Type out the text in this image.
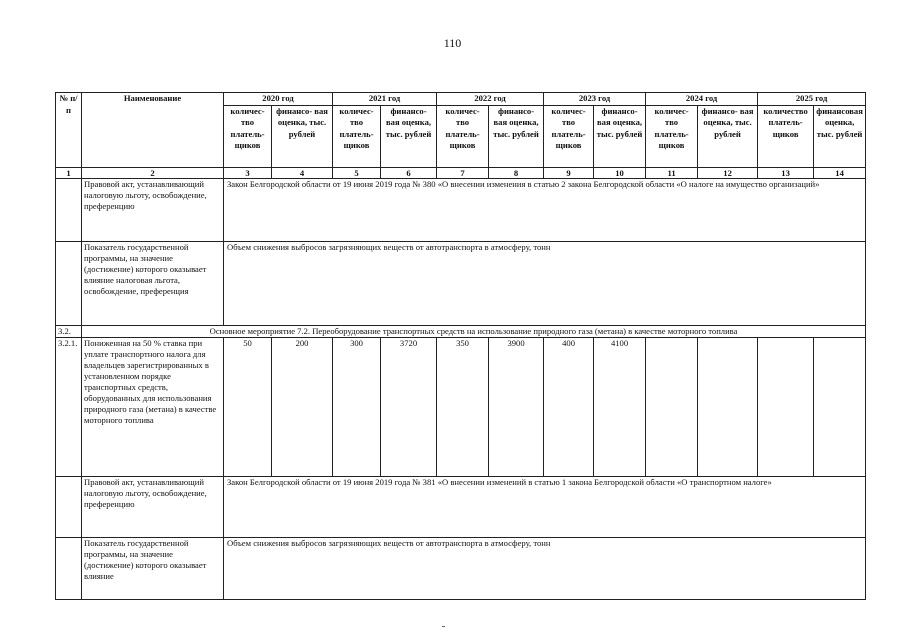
110
№ п/п	Наименование	2020 год		2021 год		2022 год		2023 год		2024 год		2025 год	
		количес- тво платель- щиков	финансо- вая оценка, тыс. рублей	количес- тво платель- щиков	финансо- вая оценка, тыс. рублей	количес- тво платель- щиков	финансо- вая оценка, тыс. рублей	количес- тво платель- щиков	финансо- вая оценка, тыс. рублей	количес- тво платель- щиков	финансо- вая оценка, тыс. рублей	количество платель- щиков	финансовая оценка, тыс. рублей
1	2	3	4	5	6	7	8	9	10	11	12	13	14
	Правовой акт, устанавливающий налоговую льготу, освобождение, преференцию	Закон Белгородской области от 19 июня 2019 года № 380 «О внесении изменения в статью 2 закона Белгородской области «О налоге на имущество организаций»											
	Показатель государственной программы, на значение (достижение) которого оказывает влияние налоговая льгота, освобождение, преференция	Объем снижения выбросов загрязняющих веществ от автотранспорта в атмосферу, тонн											
3.2.	Основное мероприятие 7.2. Переоборудование транспортных средств на использование природного газа (метана) в качестве моторного топлива												
3.2.1.	Пониженная на 50 % ставка при уплате транспортного налога для владельцев зарегистрированных в установленном порядке транспортных средств, оборудованных для использования природного газа (метана) в качестве моторного топлива	50	200	300	3720	350	3900	400	4100				
	Правовой акт, устанавливающий налоговую льготу, освобождение, преференцию	Закон Белгородской области от 19 июня 2019 года № 381 «О внесении изменений в статью 1 закона Белгородской области «О транспортном налоге»											
	Показатель государственной программы, на значение (достижение) которого оказывает влияние	Объем снижения выбросов загрязняющих веществ от автотранспорта в атмосферу, тонн											
